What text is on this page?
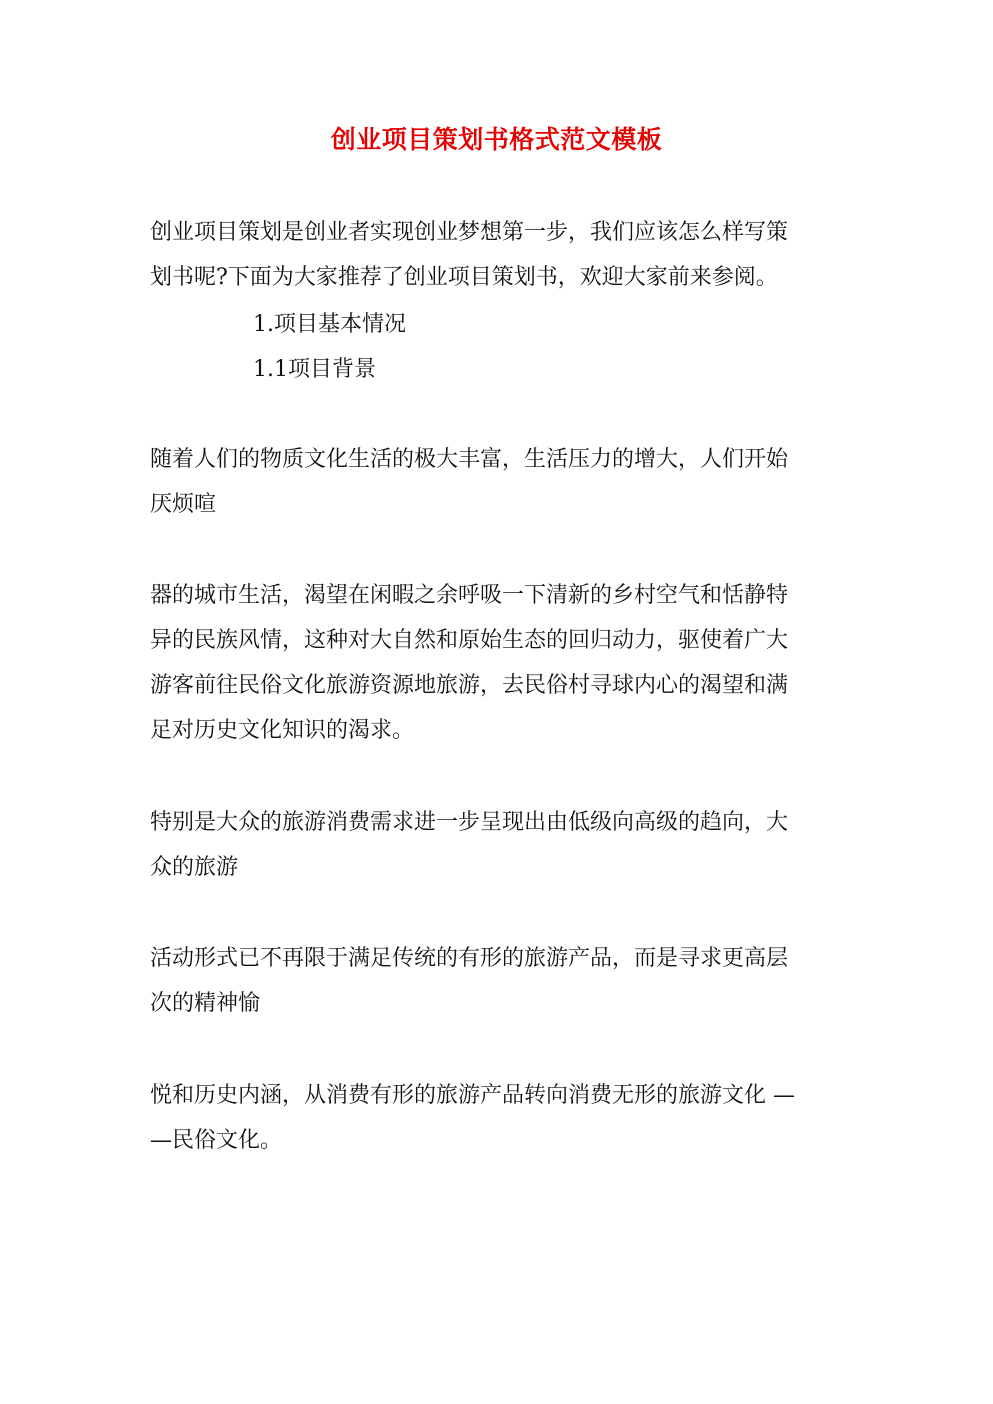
创业项目策划书格式范文模板
创业项目策划是创业者实现创业梦想第一步，我们应该怎么样写策
划书呢?下面为大家推荐了创业项目策划书，欢迎大家前来参阅。
1.项目基本情况
1.1项目背景
随着人们的物质文化生活的极大丰富，生活压力的增大，人们开始
厌烦喧
器的城市生活，渴望在闲暇之余呼吸一下清新的乡村空气和恬静特
异的民族风情，这种对大自然和原始生态的回归动力，驱使着广大
游客前往民俗文化旅游资源地旅游，去民俗村寻球内心的渴望和满
足对历史文化知识的渴求。
特别是大众的旅游消费需求进一步呈现出由低级向高级的趋向，大
众的旅游
活动形式已不再限于满足传统的有形的旅游产品，而是寻求更高层
次的精神愉
悦和历史内涵，从消费有形的旅游产品转向消费无形的旅游文化 —
—民俗文化。
